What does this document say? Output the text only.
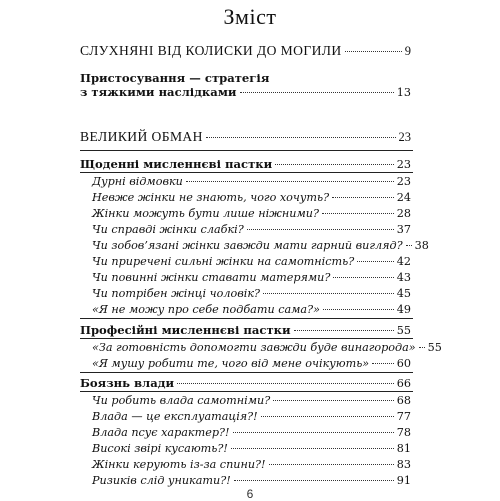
Зміст
СЛУХНЯНІ ВІД КОЛИСКИ ДО МОГИЛИ	9
Пристосування — стратегія
з тяжкими наслідками	13
ВЕЛИКИЙ ОБМАН	23
Щоденні мисленнєві пастки	23
Дурні відмовки	23
Невже жінки не знають, чого хочуть?	24
Жінки можуть бути лише ніжними?	28
Чи справді жінки слабкі?	37
Чи зобов’язані жінки завжди мати гарний вигляд? 38
Чи приречені сильні жінки на самотність?	42
Чи повинні жінки ставати матерями?	43
Чи потрібен жінці чоловік?	45
«Я не можу про себе подбати сама?»	49
Професійні мисленнєві пастки	55
«За готовність допомогти завжди буде винагорода» 55
«Я мушу робити те, чого від мене очікують» 60
Боязнь влади	66
Чи робить влада самотніми?	68
Влада — це експлуатація?!	77
Влада псує характер?!	78
Високі звірі кусають?!	81
Жінки керують із-за спини?!	83
Ризиків слід уникати?!	91
6
